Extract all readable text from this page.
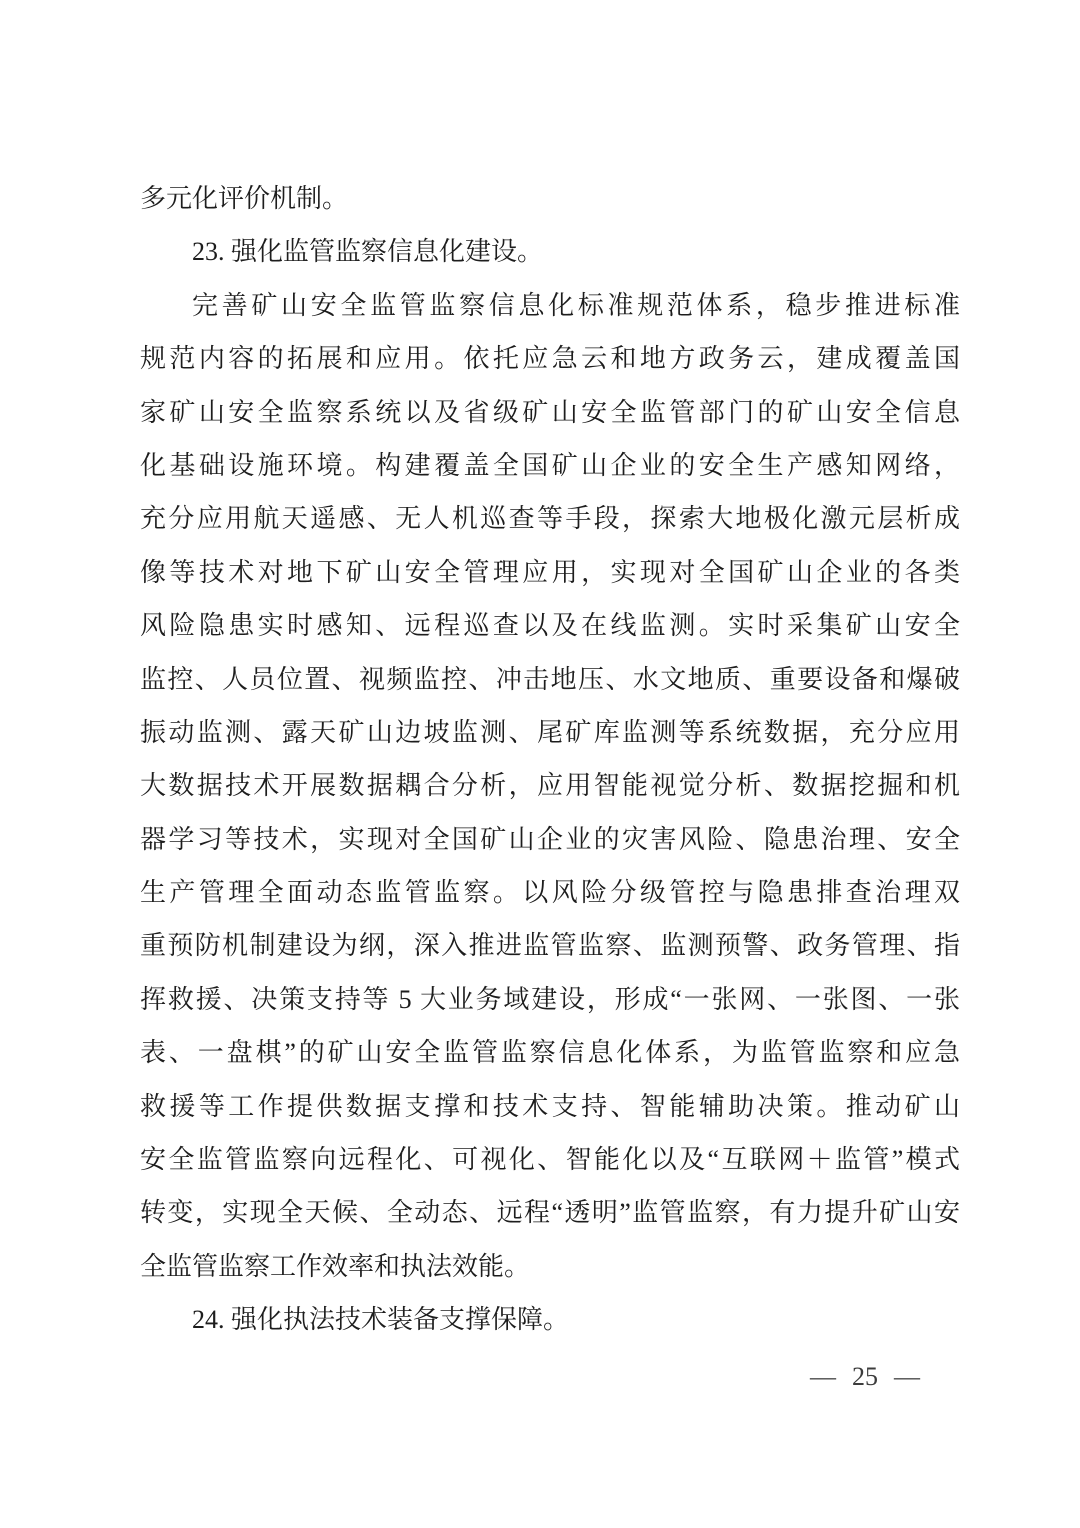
多元化评价机制。
23. 强化监管监察信息化建设。
完善矿山安全监管监察信息化标准规范体系，稳步推进标准
规范内容的拓展和应用。依托应急云和地方政务云，建成覆盖国
家矿山安全监察系统以及省级矿山安全监管部门的矿山安全信息
化基础设施环境。构建覆盖全国矿山企业的安全生产感知网络，
充分应用航天遥感、无人机巡查等手段，探索大地极化激元层析成
像等技术对地下矿山安全管理应用，实现对全国矿山企业的各类
风险隐患实时感知、远程巡查以及在线监测。实时采集矿山安全
监控、人员位置、视频监控、冲击地压、水文地质、重要设备和爆破
振动监测、露天矿山边坡监测、尾矿库监测等系统数据，充分应用
大数据技术开展数据耦合分析，应用智能视觉分析、数据挖掘和机
器学习等技术，实现对全国矿山企业的灾害风险、隐患治理、安全
生产管理全面动态监管监察。以风险分级管控与隐患排查治理双
重预防机制建设为纲，深入推进监管监察、监测预警、政务管理、指
挥救援、决策支持等 5 大业务域建设，形成“一张网、一张图、一张
表、一盘棋”的矿山安全监管监察信息化体系，为监管监察和应急
救援等工作提供数据支撑和技术支持、智能辅助决策。推动矿山
安全监管监察向远程化、可视化、智能化以及“互联网＋监管”模式
转变，实现全天候、全动态、远程“透明”监管监察，有力提升矿山安
全监管监察工作效率和执法效能。
24. 强化执法技术装备支撑保障。
— 25 —
